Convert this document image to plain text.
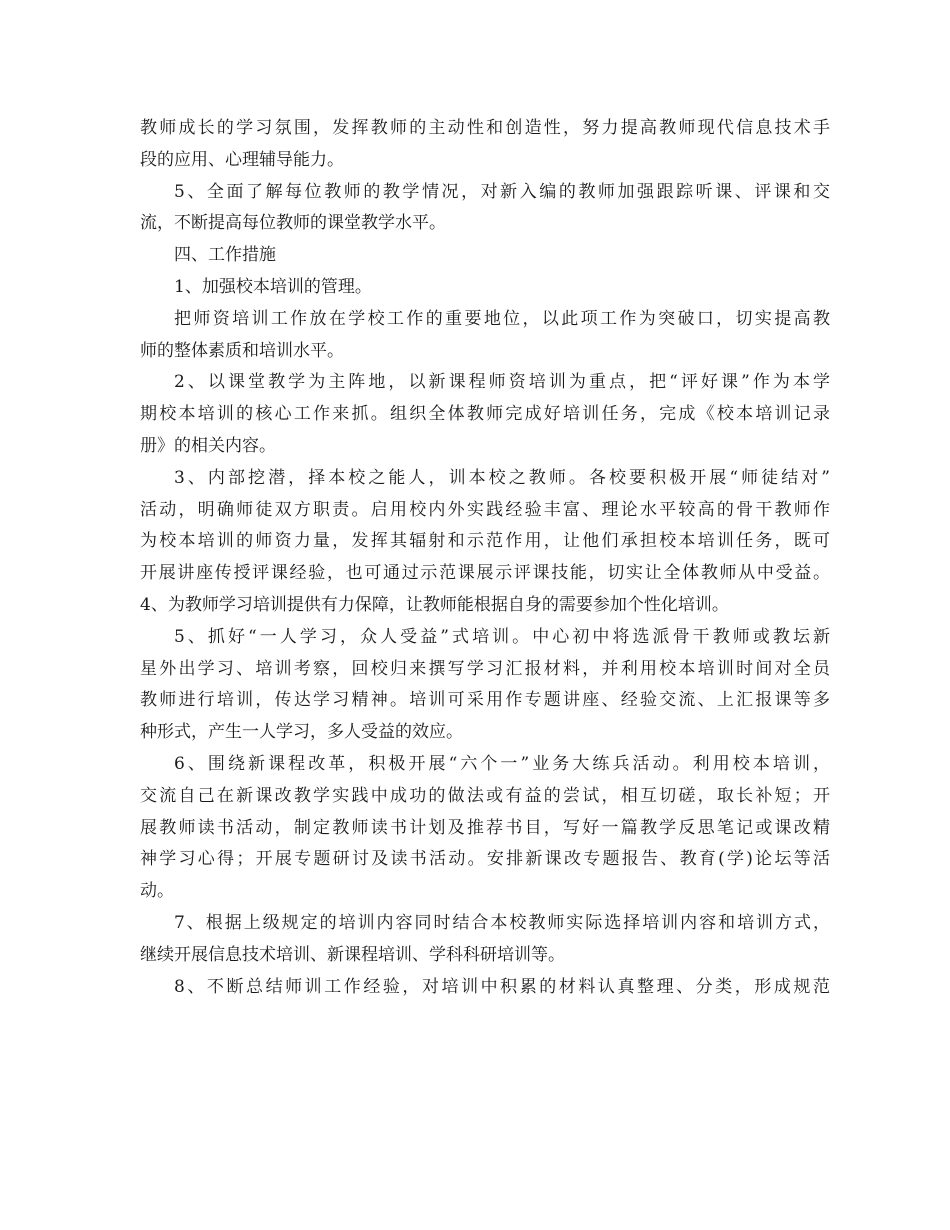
教师成长的学习氛围，发挥教师的主动性和创造性，努力提高教师现代信息技术手
段的应用、心理辅导能力。
5、全面了解每位教师的教学情况，对新入编的教师加强跟踪听课、评课和交
流，不断提高每位教师的课堂教学水平。
四、工作措施
1、加强校本培训的管理。
把师资培训工作放在学校工作的重要地位，以此项工作为突破口，切实提高教
师的整体素质和培训水平。
2、以课堂教学为主阵地，以新课程师资培训为重点，把“评好课”作为本学
期校本培训的核心工作来抓。组织全体教师完成好培训任务，完成《校本培训记录
册》的相关内容。
3、内部挖潜，择本校之能人，训本校之教师。各校要积极开展“师徒结对”
活动，明确师徒双方职责。启用校内外实践经验丰富、理论水平较高的骨干教师作
为校本培训的师资力量，发挥其辐射和示范作用，让他们承担校本培训任务，既可
开展讲座传授评课经验，也可通过示范课展示评课技能，切实让全体教师从中受益。
4、为教师学习培训提供有力保障，让教师能根据自身的需要参加个性化培训。
5、抓好“一人学习，众人受益”式培训。中心初中将选派骨干教师或教坛新
星外出学习、培训考察，回校归来撰写学习汇报材料，并利用校本培训时间对全员
教师进行培训，传达学习精神。培训可采用作专题讲座、经验交流、上汇报课等多
种形式，产生一人学习，多人受益的效应。
6、围绕新课程改革，积极开展“六个一”业务大练兵活动。利用校本培训，
交流自己在新课改教学实践中成功的做法或有益的尝试，相互切磋，取长补短；开
展教师读书活动，制定教师读书计划及推荐书目，写好一篇教学反思笔记或课改精
神学习心得；开展专题研讨及读书活动。安排新课改专题报告、教育(学)论坛等活
动。
7、根据上级规定的培训内容同时结合本校教师实际选择培训内容和培训方式，
继续开展信息技术培训、新课程培训、学科科研培训等。
8、不断总结师训工作经验，对培训中积累的材料认真整理、分类，形成规范
